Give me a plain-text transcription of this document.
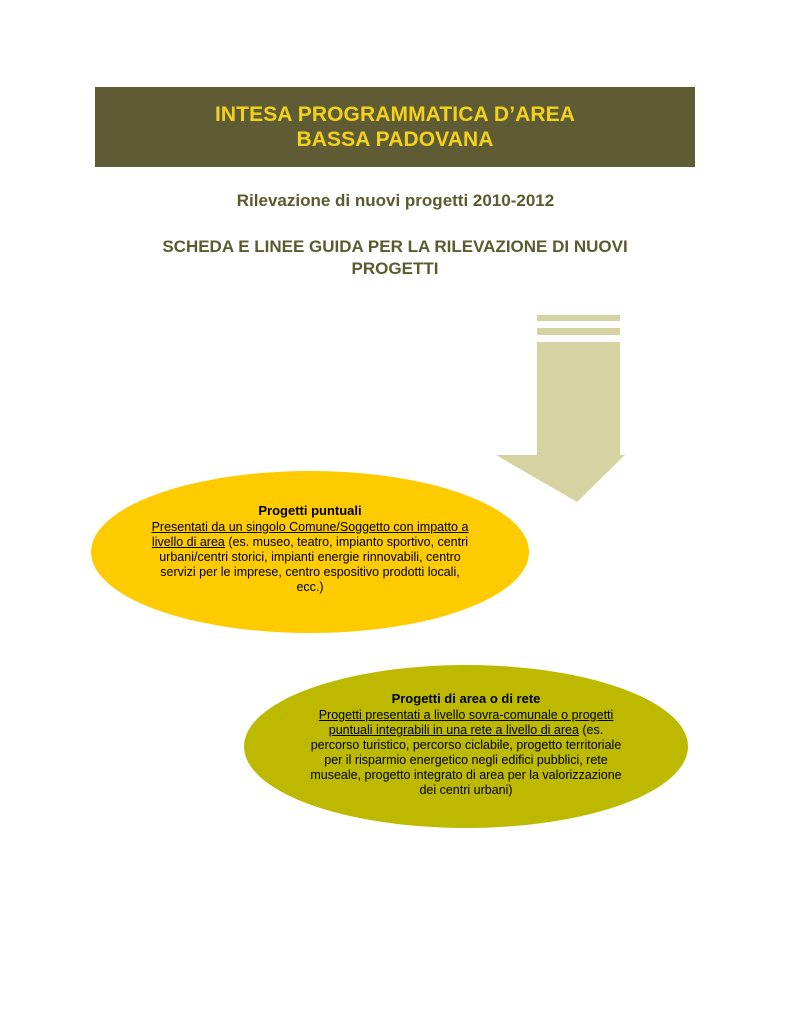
INTESA PROGRAMMATICA D’AREA
BASSA PADOVANA
Rilevazione di nuovi progetti 2010-2012
SCHEDA E LINEE GUIDA PER LA RILEVAZIONE DI NUOVI PROGETTI
Progetti puntuali
Presentati da un singolo Comune/Soggetto con impatto a livello di area (es. museo, teatro, impianto sportivo, centri urbani/centri storici, impianti energie rinnovabili, centro servizi per le imprese, centro espositivo prodotti locali, ecc.)
Progetti di area o di rete
Progetti presentati a livello sovra-comunale o progetti puntuali integrabili in una rete a livello di area (es. percorso turistico, percorso ciclabile, progetto territoriale per il risparmio energetico negli edifici pubblici, rete museale, progetto integrato di area per la valorizzazione dei centri urbani)
